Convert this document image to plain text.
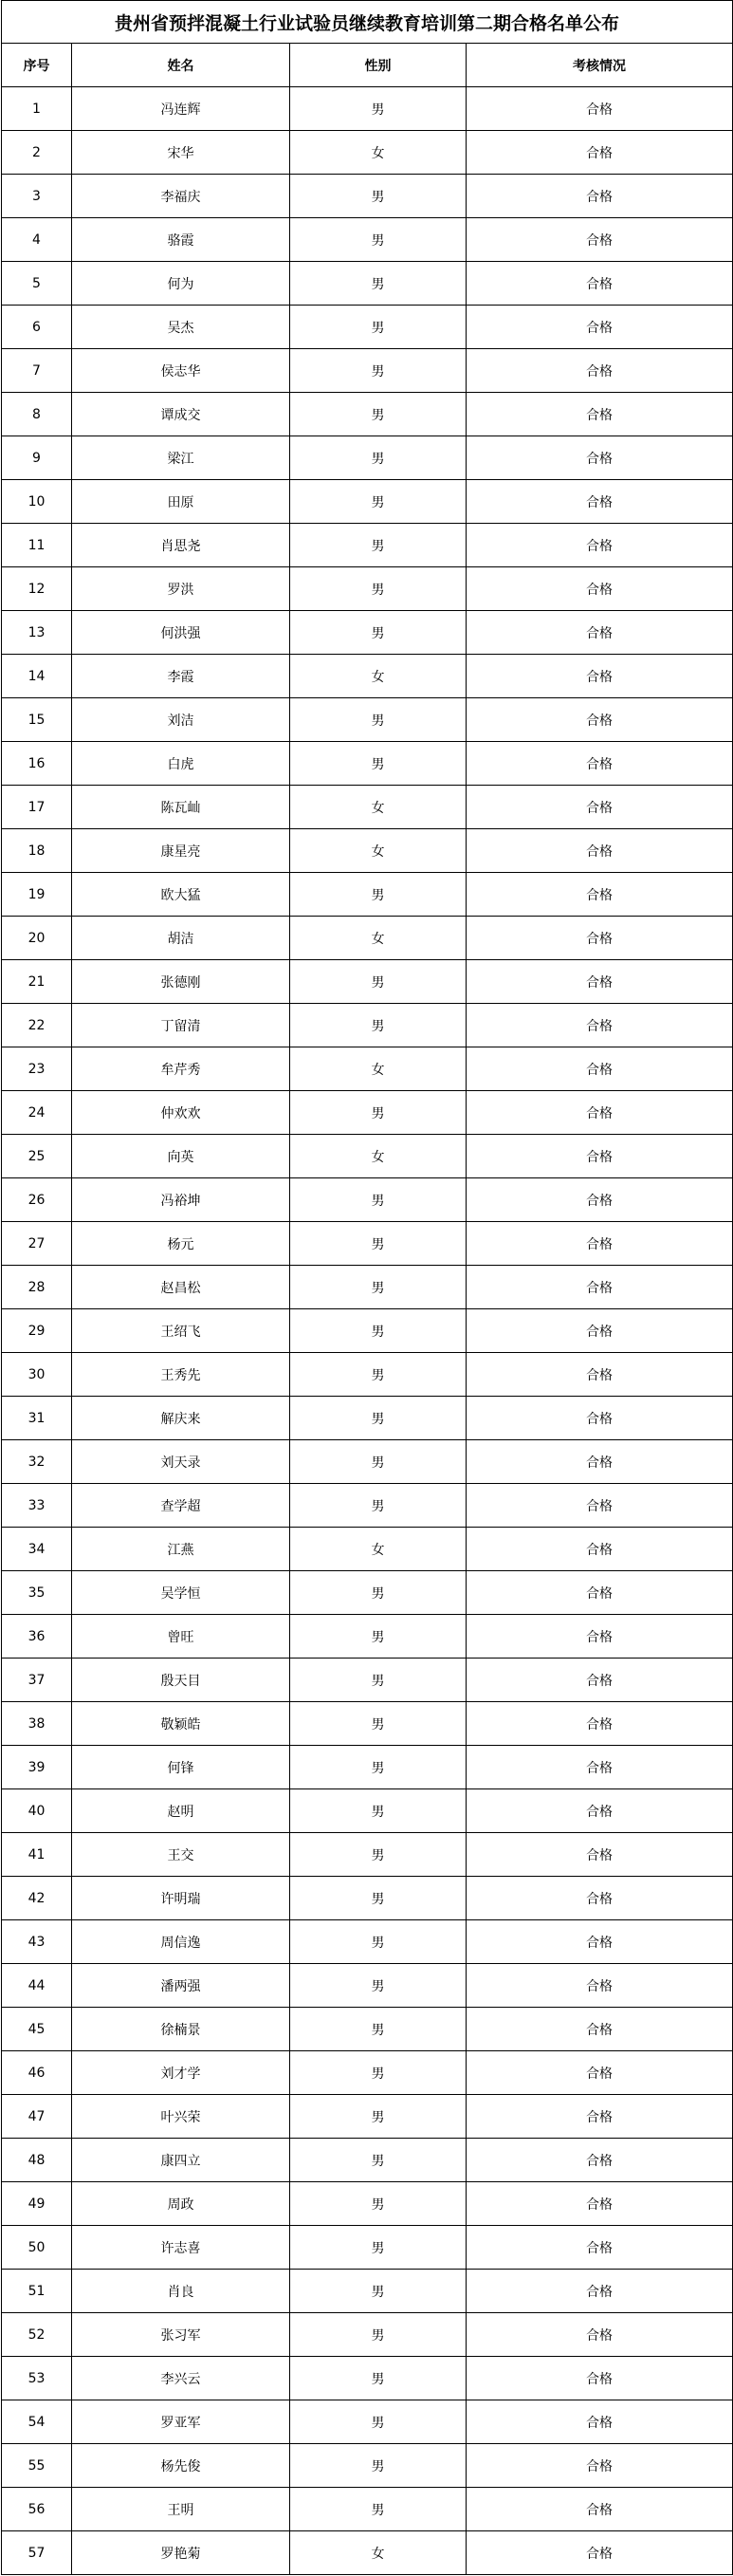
贵州省预拌混凝土行业试验员继续教育培训第二期合格名单公布			
序号	姓名	性别	考核情况
1	冯连辉	男	合格
2	宋华	女	合格
3	李福庆	男	合格
4	骆霞	男	合格
5	何为	男	合格
6	吴杰	男	合格
7	侯志华	男	合格
8	谭成交	男	合格
9	梁江	男	合格
10	田原	男	合格
11	肖思尧	男	合格
12	罗洪	男	合格
13	何洪强	男	合格
14	李霞	女	合格
15	刘洁	男	合格
16	白虎	男	合格
17	陈瓦屾	女	合格
18	康星亮	女	合格
19	欧大猛	男	合格
20	胡洁	女	合格
21	张德刚	男	合格
22	丁留清	男	合格
23	牟芹秀	女	合格
24	仲欢欢	男	合格
25	向英	女	合格
26	冯裕坤	男	合格
27	杨元	男	合格
28	赵昌松	男	合格
29	王绍飞	男	合格
30	王秀先	男	合格
31	解庆来	男	合格
32	刘天录	男	合格
33	查学超	男	合格
34	江燕	女	合格
35	吴学恒	男	合格
36	曾旺	男	合格
37	殷天目	男	合格
38	敬颖皓	男	合格
39	何锋	男	合格
40	赵明	男	合格
41	王交	男	合格
42	许明瑞	男	合格
43	周信逸	男	合格
44	潘两强	男	合格
45	徐楠景	男	合格
46	刘才学	男	合格
47	叶兴荣	男	合格
48	康四立	男	合格
49	周政	男	合格
50	许志喜	男	合格
51	肖良	男	合格
52	张习军	男	合格
53	李兴云	男	合格
54	罗亚军	男	合格
55	杨先俊	男	合格
56	王明	男	合格
57	罗艳菊	女	合格
